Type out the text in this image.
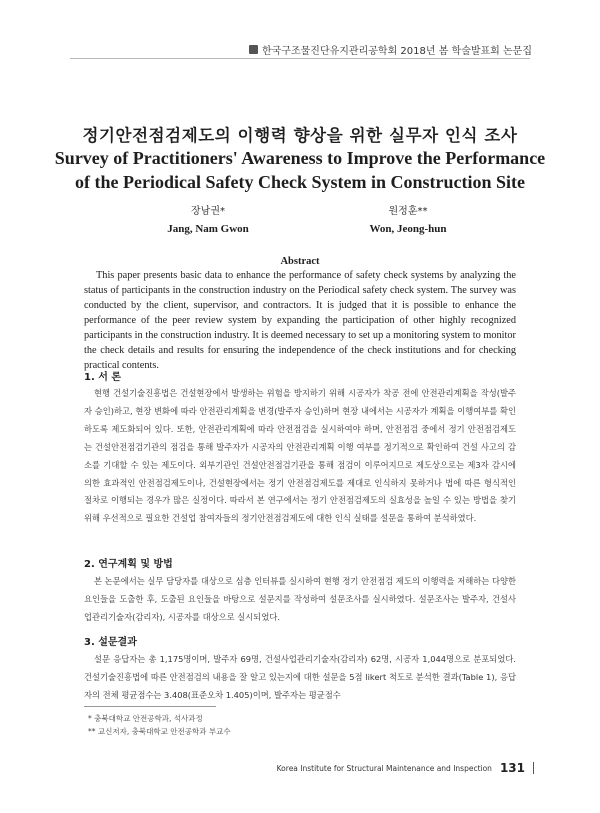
한국구조물진단유지관리공학회 2018년 봄 학술발표회 논문집
정기안전점검제도의 이행력 향상을 위한 실무자 인식 조사
Survey of Practitioners' Awareness to Improve the Performance
of the Periodical Safety Check System in Construction Site
장남권*
Jang, Nam Gwon
원정훈**
Won, Jeong-hun
Abstract
This paper presents basic data to enhance the performance of safety check systems by analyzing the status of participants in the construction industry on the Periodical safety check system. The survey was conducted by the client, supervisor, and contractors. It is judged that it is possible to enhance the performance of the peer review system by expanding the participation of other highly recognized participants in the construction industry. It is deemed necessary to set up a monitoring system to monitor the check details and results for ensuring the independence of the check institutions and for checking practical contents.
1. 서 론
현행 건설기술진흥법은 건설현장에서 발생하는 위험을 방지하기 위해 시공자가 착공 전에 안전관리계획을 작성(발주자 승인)하고, 현장 변화에 따라 안전관리계획을 변경(발주자 승인)하며 현장 내에서는 시공자가 계획을 이행여부를 확인하도록 제도화되어 있다. 또한, 안전관리계획에 따라 안전점검을 실시하여야 하며, 안전점검 중에서 정기 안전점검제도는 건설안전점검기관의 점검을 통해 발주자가 시공자의 안전관리계획 이행 여부를 정기적으로 확인하여 건설 사고의 감소를 기대할 수 있는 제도이다. 외부기관인 건설안전점검기관을 통해 점검이 이루어지므로 제도상으로는 제3자 감시에 의한 효과적인 안전점검제도이나, 건설현장에서는 정기 안전점검제도를 제대로 인식하지 못하거나 법에 따른 형식적인 절차로 이행되는 경우가 많은 실정이다. 따라서 본 연구에서는 정기 안전점검제도의 실효성을 높일 수 있는 방법을 찾기 위해 우선적으로 필요한 건설업 참여자들의 정기안전점검제도에 대한 인식 실태를 설문을 통하여 분석하였다.
2. 연구계획 및 방법
본 논문에서는 실무 담당자를 대상으로 심층 인터뷰를 실시하여 현행 정기 안전점검 제도의 이행력을 저해하는 다양한 요인들을 도출한 후, 도출된 요인들을 바탕으로 설문지를 작성하여 설문조사를 실시하였다. 설문조사는 발주자, 건설사업관리기술자(감리자), 시공자를 대상으로 실시되었다.
3. 설문결과
설문 응답자는 총 1,175명이며, 발주자 69명, 건설사업관리기술자(감리자) 62명, 시공자 1,044명으로 분포되었다. 건설기술진흥법에 따른 안전점검의 내용을 잘 알고 있는지에 대한 설문을 5점 likert 척도로 분석한 결과(Table 1), 응답자의 전체 평균점수는 3.408(표준오차 1.405)이며, 발주자는 평균점수
* 충북대학교 안전공학과, 석사과정
** 교신저자, 충북대학교 안전공학과 부교수
Korea Institute for Structural Maintenance and Inspection 131
